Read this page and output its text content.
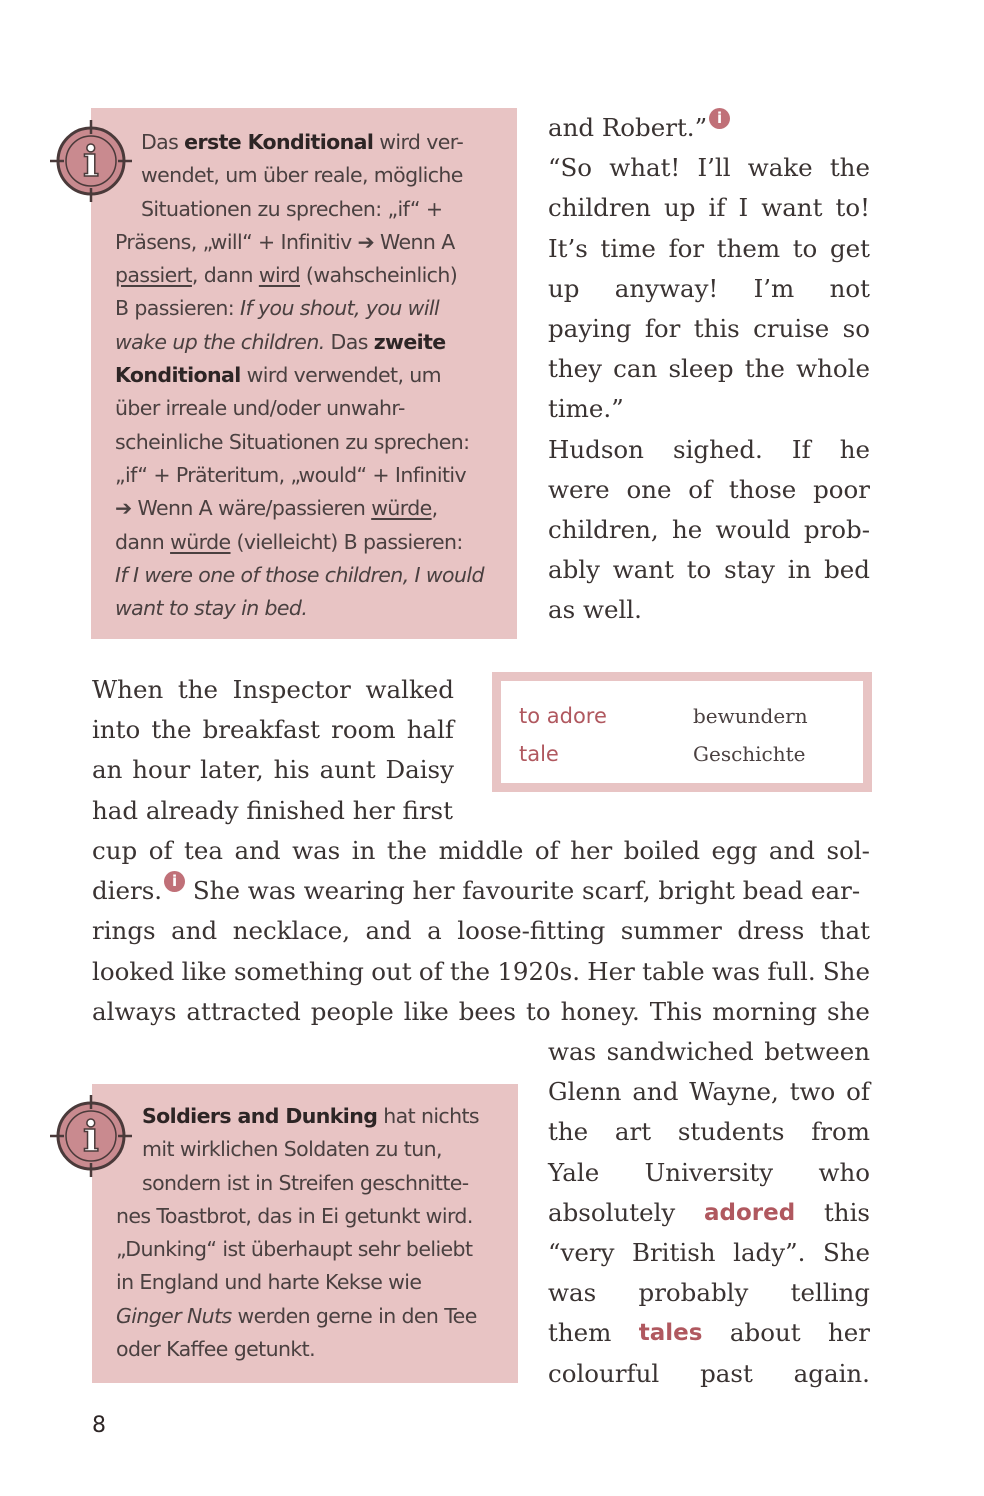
Das erste Konditional wird ver-
wendet, um über reale, mögliche
Situationen zu sprechen: „if“ +
Präsens, „will“ + Infinitiv ➔ Wenn A
passiert, dann wird (wahscheinlich)
B passieren: If you shout, you will
wake up the children. Das zweite
Konditional wird verwendet, um
über irreale und/oder unwahr-
scheinliche Situationen zu sprechen:
„if“ + Präteritum, „would“ + Infinitiv
➔ Wenn A wäre/passieren würde,
dann würde (vielleicht) B passieren:
If I were one of those children, I would
want to stay in bed.
i
and Robert.” i
“So what! I’ll wake the
children up if I want to!
It’s time for them to get
up anyway! I’m not
paying for this cruise so
they can sleep the whole
time.”
Hudson sighed. If he
were one of those poor
children, he would prob-
ably want to stay in bed
as well.
to adore	bewundern
tale	Geschichte
When the Inspector walked
into the breakfast room half
an hour later, his aunt Daisy
had already finished her first
cup of tea and was in the middle of her boiled egg and sol-
diers. i She was wearing her favourite scarf, bright bead ear-
rings and necklace, and a loose-fitting summer dress that
looked like something out of the 1920s. Her table was full. She
always attracted people like bees to honey. This morning she
Soldiers and Dunking hat nichts
mit wirklichen Soldaten zu tun,
sondern ist in Streifen geschnitte-
nes Toastbrot, das in Ei getunkt wird.
„Dunking“ ist überhaupt sehr beliebt
in England und harte Kekse wie
Ginger Nuts werden gerne in den Tee
oder Kaffee getunkt.
i
was sandwiched between
Glenn and Wayne, two of
the art students from
Yale University who
absolutely adored this
“very British lady”. She
was probably telling
them tales about her
colourful past again.
8
